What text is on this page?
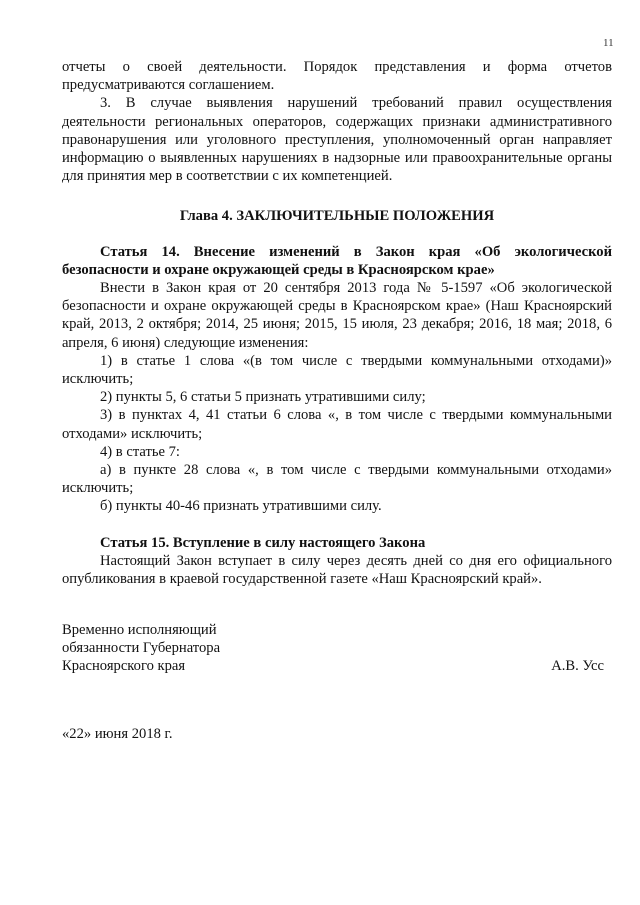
11

отчеты о своей деятельности. Порядок представления и форма отчетов предусматриваются соглашением.

3. В случае выявления нарушений требований правил осуществления деятельности региональных операторов, содержащих признаки административного правонарушения или уголовного преступления, уполномоченный орган направляет информацию о выявленных нарушениях в надзорные или правоохранительные органы для принятия мер в соответствии с их компетенцией.

Глава 4. ЗАКЛЮЧИТЕЛЬНЫЕ ПОЛОЖЕНИЯ

Статья 14. Внесение изменений в Закон края «Об экологической безопасности и охране окружающей среды в Красноярском крае»

Внести в Закон края от 20 сентября 2013 года № 5-1597 «Об экологической безопасности и охране окружающей среды в Красноярском крае» (Наш Красноярский край, 2013, 2 октября; 2014, 25 июня; 2015, 15 июля, 23 декабря; 2016, 18 мая; 2018, 6 апреля, 6 июня) следующие изменения:

1) в статье 1 слова «(в том числе с твердыми коммунальными отходами)» исключить;

2) пункты 5, 6 статьи 5 признать утратившими силу;

3) в пунктах 4, 41 статьи 6 слова «, в том числе с твердыми коммунальными отходами» исключить;

4) в статье 7:

а) в пункте 28 слова «, в том числе с твердыми коммунальными отходами» исключить;

б) пункты 40-46 признать утратившими силу.

Статья 15. Вступление в силу настоящего Закона

Настоящий Закон вступает в силу через десять дней со дня его официального опубликования в краевой государственной газете «Наш Красноярский край».

Временно исполняющий
обязанности Губернатора
Красноярского края	А.В. Усс
«22» июня 2018 г.
